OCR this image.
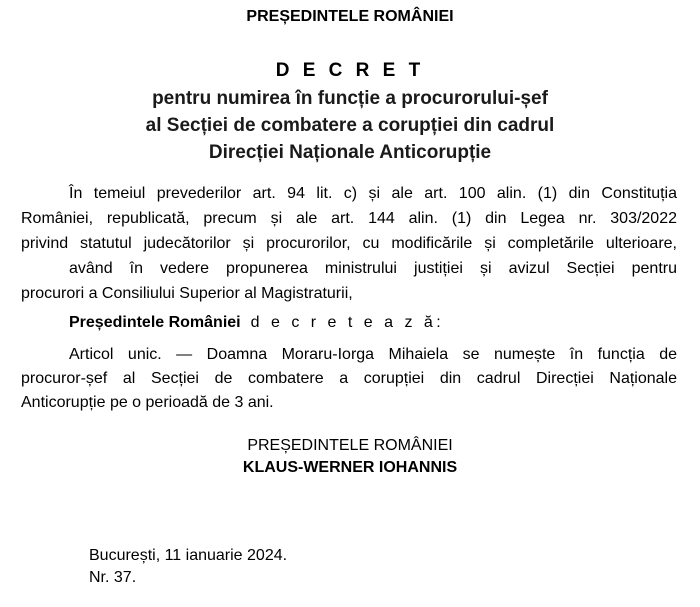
PREȘEDINTELE ROMÂNIEI
D E C R E T
pentru numirea în funcție a procurorului-șef
al Secției de combatere a corupției din cadrul
Direcției Naționale Anticorupție
În temeiul prevederilor art. 94 lit. c) și ale art. 100 alin. (1) din Constituția
României, republicată, precum și ale art. 144 alin. (1) din Legea nr. 303/2022
privind statutul judecătorilor și procurorilor, cu modificările și completările ulterioare,
având în vedere propunerea ministrului justiției și avizul Secției pentru
procurori a Consiliului Superior al Magistraturii,
Președintele României d e c r e t e a z ă:
Articol unic. — Doamna Moraru-Iorga Mihaiela se numește în funcția de
procuror-șef al Secției de combatere a corupției din cadrul Direcției Naționale
Anticorupție pe o perioadă de 3 ani.
PREȘEDINTELE ROMÂNIEI
KLAUS-WERNER IOHANNIS
București, 11 ianuarie 2024.
Nr. 37.
